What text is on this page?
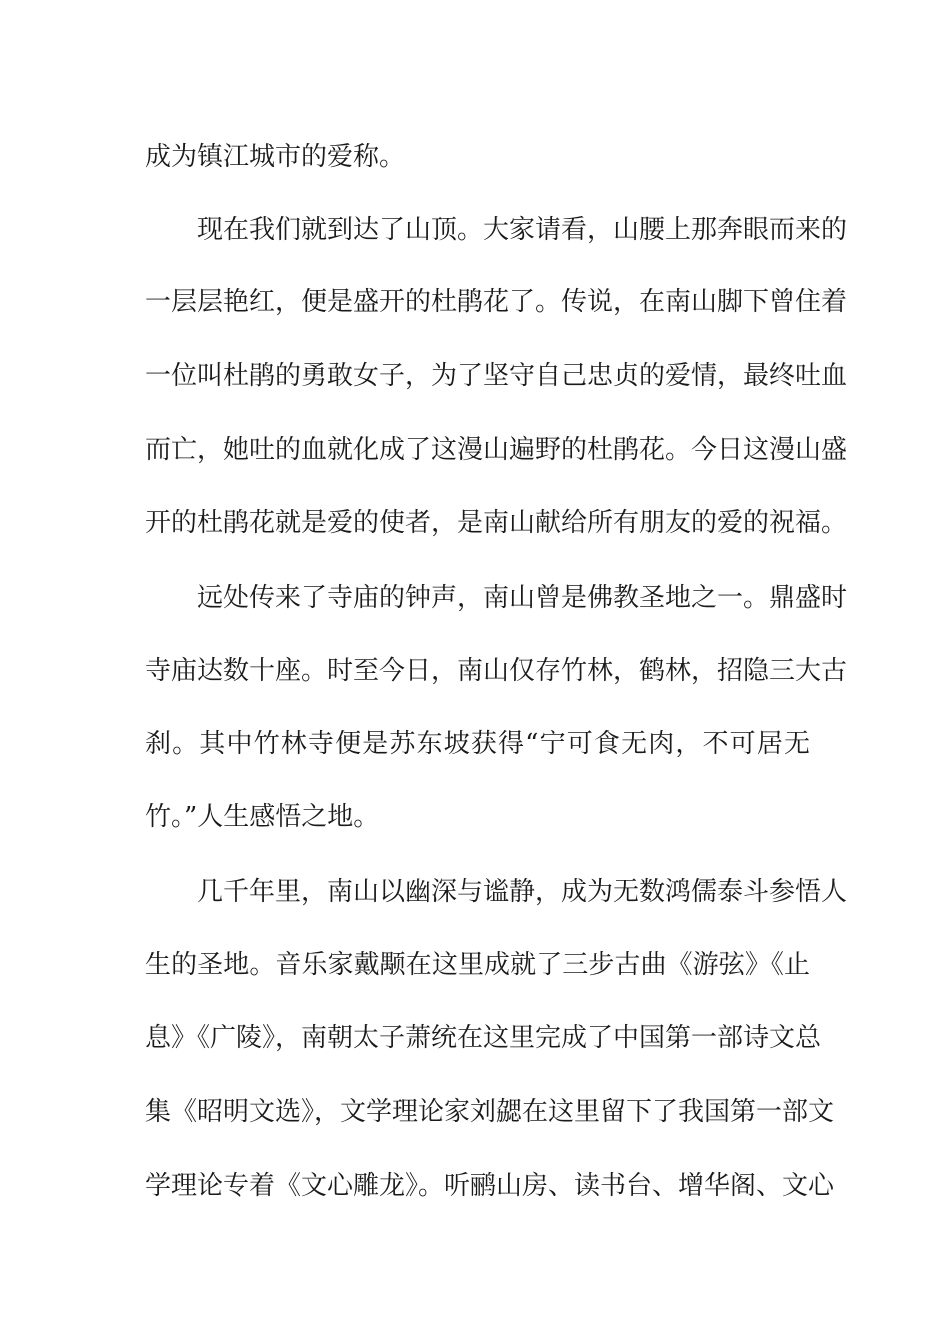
成为镇江城市的爱称。
现在我们就到达了山顶。大家请看，山腰上那奔眼而来的
一层层艳红，便是盛开的杜鹃花了。传说，在南山脚下曾住着
一位叫杜鹃的勇敢女子，为了坚守自己忠贞的爱情，最终吐血
而亡，她吐的血就化成了这漫山遍野的杜鹃花。今日这漫山盛
开的杜鹃花就是爱的使者，是南山献给所有朋友的爱的祝福。
远处传来了寺庙的钟声，南山曾是佛教圣地之一。鼎盛时
寺庙达数十座。时至今日，南山仅存竹林，鹤林，招隐三大古
刹。其中竹林寺便是苏东坡获得“宁可食无肉，不可居无
竹。”人生感悟之地。
几千年里，南山以幽深与谧静，成为无数鸿儒泰斗参悟人
生的圣地。音乐家戴颙在这里成就了三步古曲《游弦》《止
息》《广陵》，南朝太子萧统在这里完成了中国第一部诗文总
集《昭明文选》，文学理论家刘勰在这里留下了我国第一部文
学理论专着《文心雕龙》。听鹂山房、读书台、增华阁、文心
